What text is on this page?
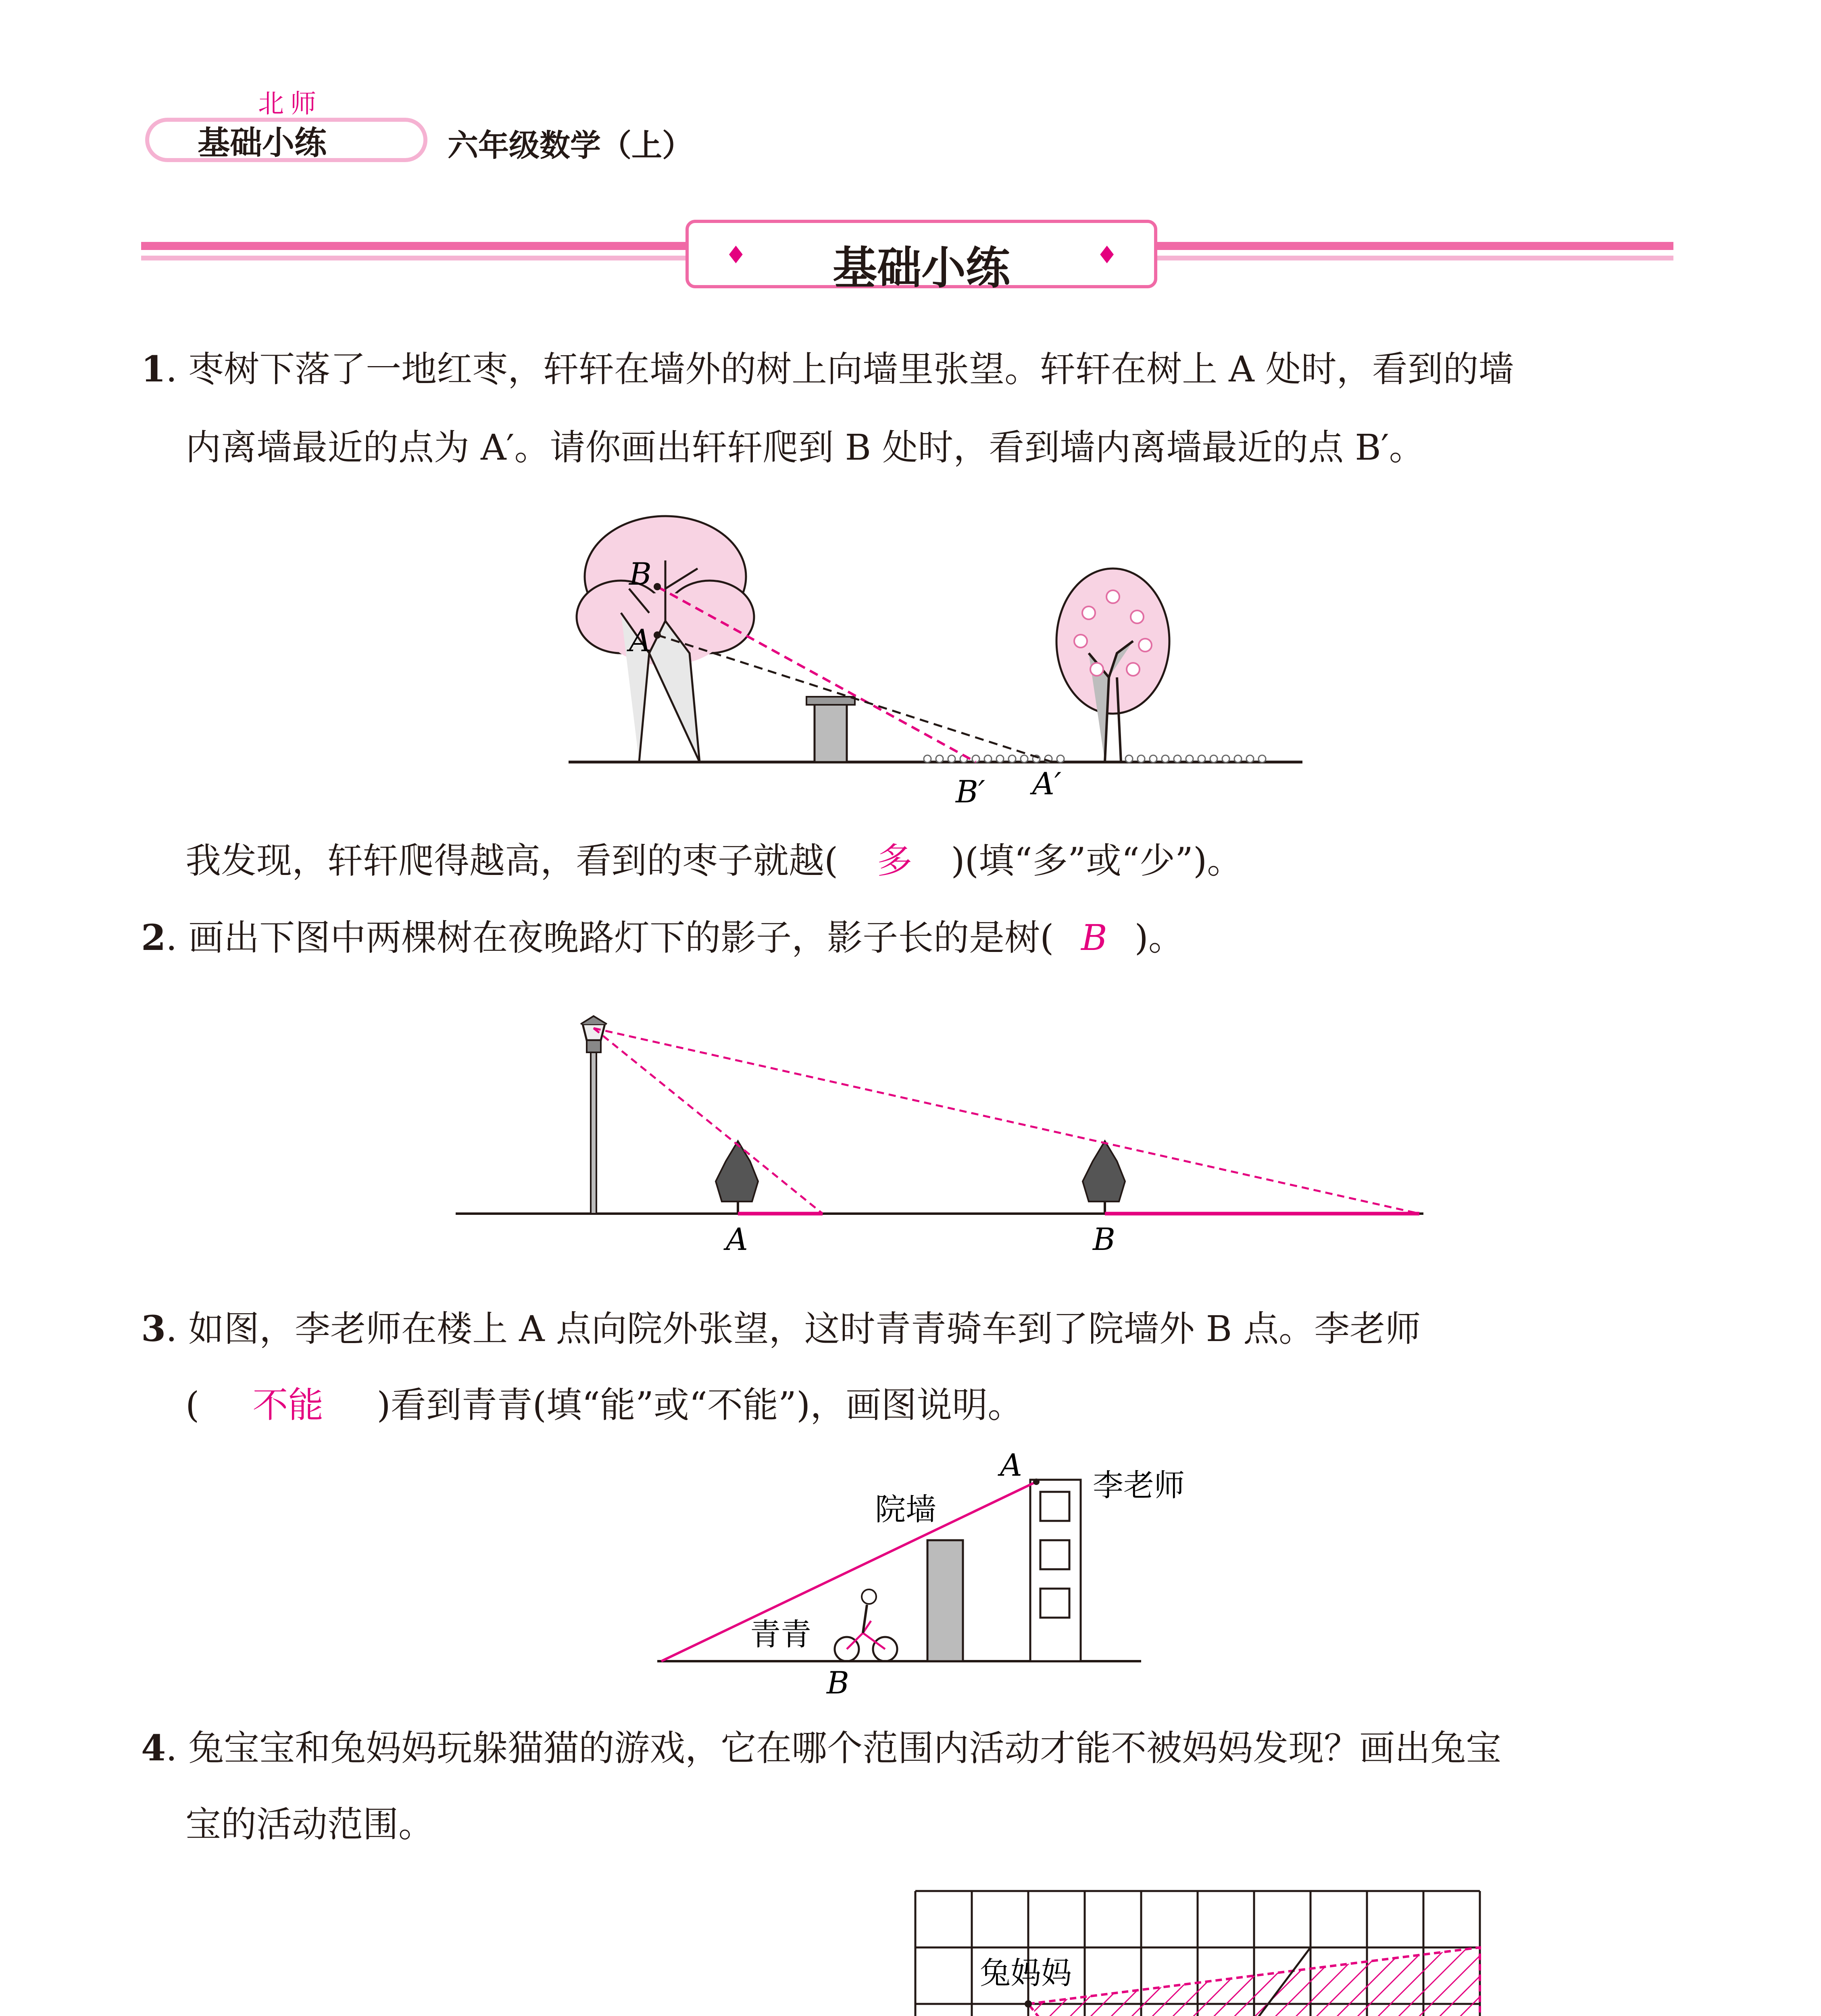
北师
基础小练	六年级数学（上）
♦	基础小练	♦
1. 枣树下落了一地红枣，轩轩在墙外的树上向墙里张望。轩轩在树上 A 处时，看到的墙
内离墙最近的点为 A′。请你画出轩轩爬到 B 处时，看到墙内离墙最近的点 B′。
B
A
B′ A′
我发现，轩轩爬得越高，看到的枣子就越( 多 )(填“多”或“少”)。
2. 画出下图中两棵树在夜晚路灯下的影子，影子长的是树( B )。
A	B
3. 如图，李老师在楼上 A 点向院外张望，这时青青骑车到了院墙外 B 点。李老师
( 不能 )看到青青(填“能”或“不能”)，画图说明。
A
李老师
院墙
青青
B
4. 兔宝宝和兔妈妈玩躲猫猫的游戏，它在哪个范围内活动才能不被妈妈发现？画出兔宝
宝的活动范围。
兔妈妈
